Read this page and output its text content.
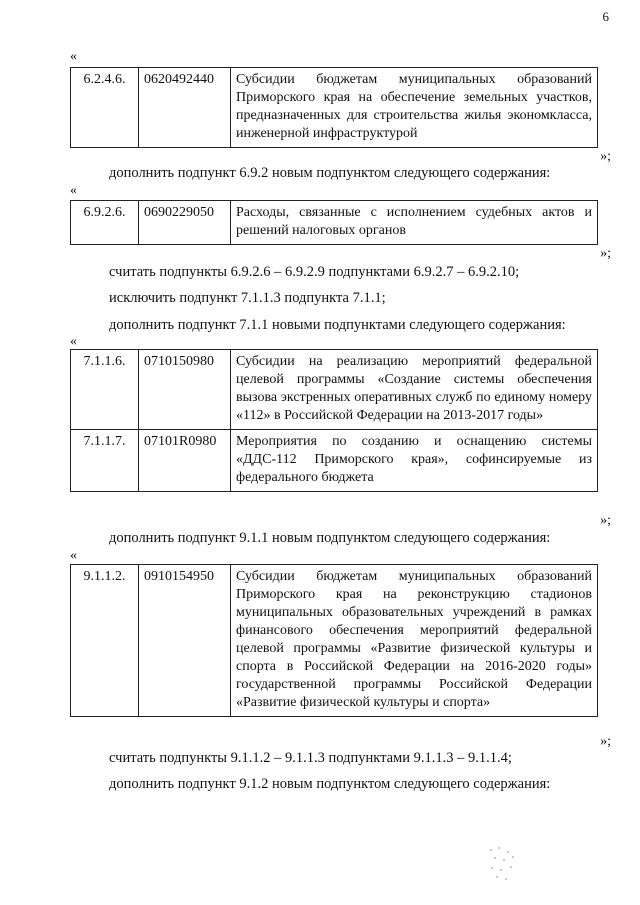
6
«
6.2.4.6.	0620492440	Субсидии бюджетам муниципальных образований Приморского края на обеспечение земельных участков, предназначенных для строительства жилья экономкласса, инженерной инфраструктурой
»;
дополнить подпункт 6.9.2 новым подпунктом следующего содержания:
«
6.9.2.6.	0690229050	Расходы, связанные с исполнением судебных актов и решений налоговых органов
»;
считать подпункты 6.9.2.6 – 6.9.2.9 подпунктами 6.9.2.7 – 6.9.2.10;
исключить подпункт 7.1.1.3 подпункта 7.1.1;
дополнить подпункт 7.1.1 новыми подпунктами следующего содержания:
«
7.1.1.6.	0710150980	Субсидии на реализацию мероприятий федеральной целевой программы «Создание системы обеспечения вызова экстренных оперативных служб по единому номеру «112» в Российской Федерации на 2013-2017 годы»
7.1.1.7.	07101R0980	Мероприятия по созданию и оснащению системы «ДДС-112 Приморского края», софинсируемые из федерального бюджета
»;
дополнить подпункт 9.1.1 новым подпунктом следующего содержания:
«
9.1.1.2.	0910154950	Субсидии бюджетам муниципальных образований Приморского края на реконструкцию стадионов муниципальных образовательных учреждений в рамках финансового обеспечения мероприятий федеральной целевой программы «Развитие физической культуры и спорта в Российской Федерации на 2016-2020 годы» государственной программы Российской Федерации «Развитие физической культуры и спорта»
»;
считать подпункты 9.1.1.2 – 9.1.1.3 подпунктами 9.1.1.3 – 9.1.1.4;
дополнить подпункт 9.1.2 новым подпунктом следующего содержания:
